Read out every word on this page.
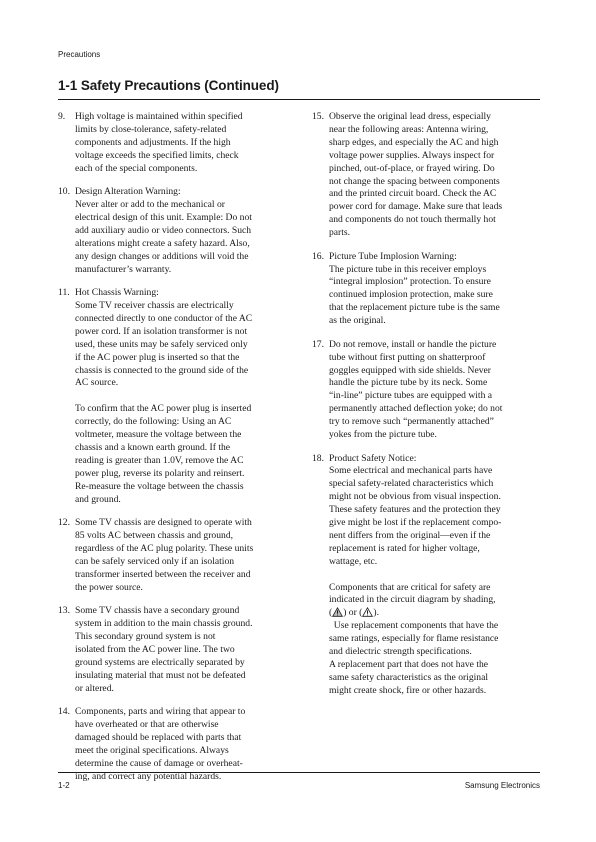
Precautions
1-1 Safety Precautions (Continued)
9.	High voltage is maintained within specified
limits by close-tolerance, safety-related
components and adjustments. If the high
voltage exceeds the specified limits, check
each of the special components.
10. Design Alteration Warning:
Never alter or add to the mechanical or
electrical design of this unit. Example: Do not
add auxiliary audio or video connectors. Such
alterations might create a safety hazard. Also,
any design changes or additions will void the
manufacturer’s warranty.
11. Hot Chassis Warning:
Some TV receiver chassis are electrically
connected directly to one conductor of the AC
power cord. If an isolation transformer is not
used, these units may be safely serviced only
if the AC power plug is inserted so that the
chassis is connected to the ground side of the
AC source.
To confirm that the AC power plug is inserted
correctly, do the following: Using an AC
voltmeter, measure the voltage between the
chassis and a known earth ground. If the
reading is greater than 1.0V, remove the AC
power plug, reverse its polarity and reinsert.
Re-measure the voltage between the chassis
and ground.
12. Some TV chassis are designed to operate with
85 volts AC between chassis and ground,
regardless of the AC plug polarity. These units
can be safely serviced only if an isolation
transformer inserted between the receiver and
the power source.
13. Some TV chassis have a secondary ground
system in addition to the main chassis ground.
This secondary ground system is not
isolated from the AC power line. The two
ground systems are electrically separated by
insulating material that must not be defeated
or altered.
14. Components, parts and wiring that appear to
have overheated or that are otherwise
damaged should be replaced with parts that
meet the original specifications. Always
determine the cause of damage or overheat-
ing, and correct any potential hazards.
15. Observe the original lead dress, especially
near the following areas: Antenna wiring,
sharp edges, and especially the AC and high
voltage power supplies. Always inspect for
pinched, out-of-place, or frayed wiring. Do
not change the spacing between components
and the printed circuit board. Check the AC
power cord for damage. Make sure that leads
and components do not touch thermally hot
parts.
16. Picture Tube Implosion Warning:
The picture tube in this receiver employs
“integral implosion” protection. To ensure
continued implosion protection, make sure
that the replacement picture tube is the same
as the original.
17. Do not remove, install or handle the picture
tube without first putting on shatterproof
goggles equipped with side shields. Never
handle the picture tube by its neck. Some
“in-line” picture tubes are equipped with a
permanently attached deflection yoke; do not
try to remove such “permanently attached”
yokes from the picture tube.
18. Product Safety Notice:
Some electrical and mechanical parts have
special safety-related characteristics which
might not be obvious from visual inspection.
These safety features and the protection they
give might be lost if the replacement compo-
nent differs from the original—even if the
replacement is rated for higher voltage,
wattage, etc.
Components that are critical for safety are
indicated in the circuit diagram by shading,
( ) or ( ).
Use replacement components that have the
same ratings, especially for flame resistance
and dielectric strength specifications.
A replacement part that does not have the
same safety characteristics as the original
might create shock, fire or other hazards.
1-2	Samsung Electronics
